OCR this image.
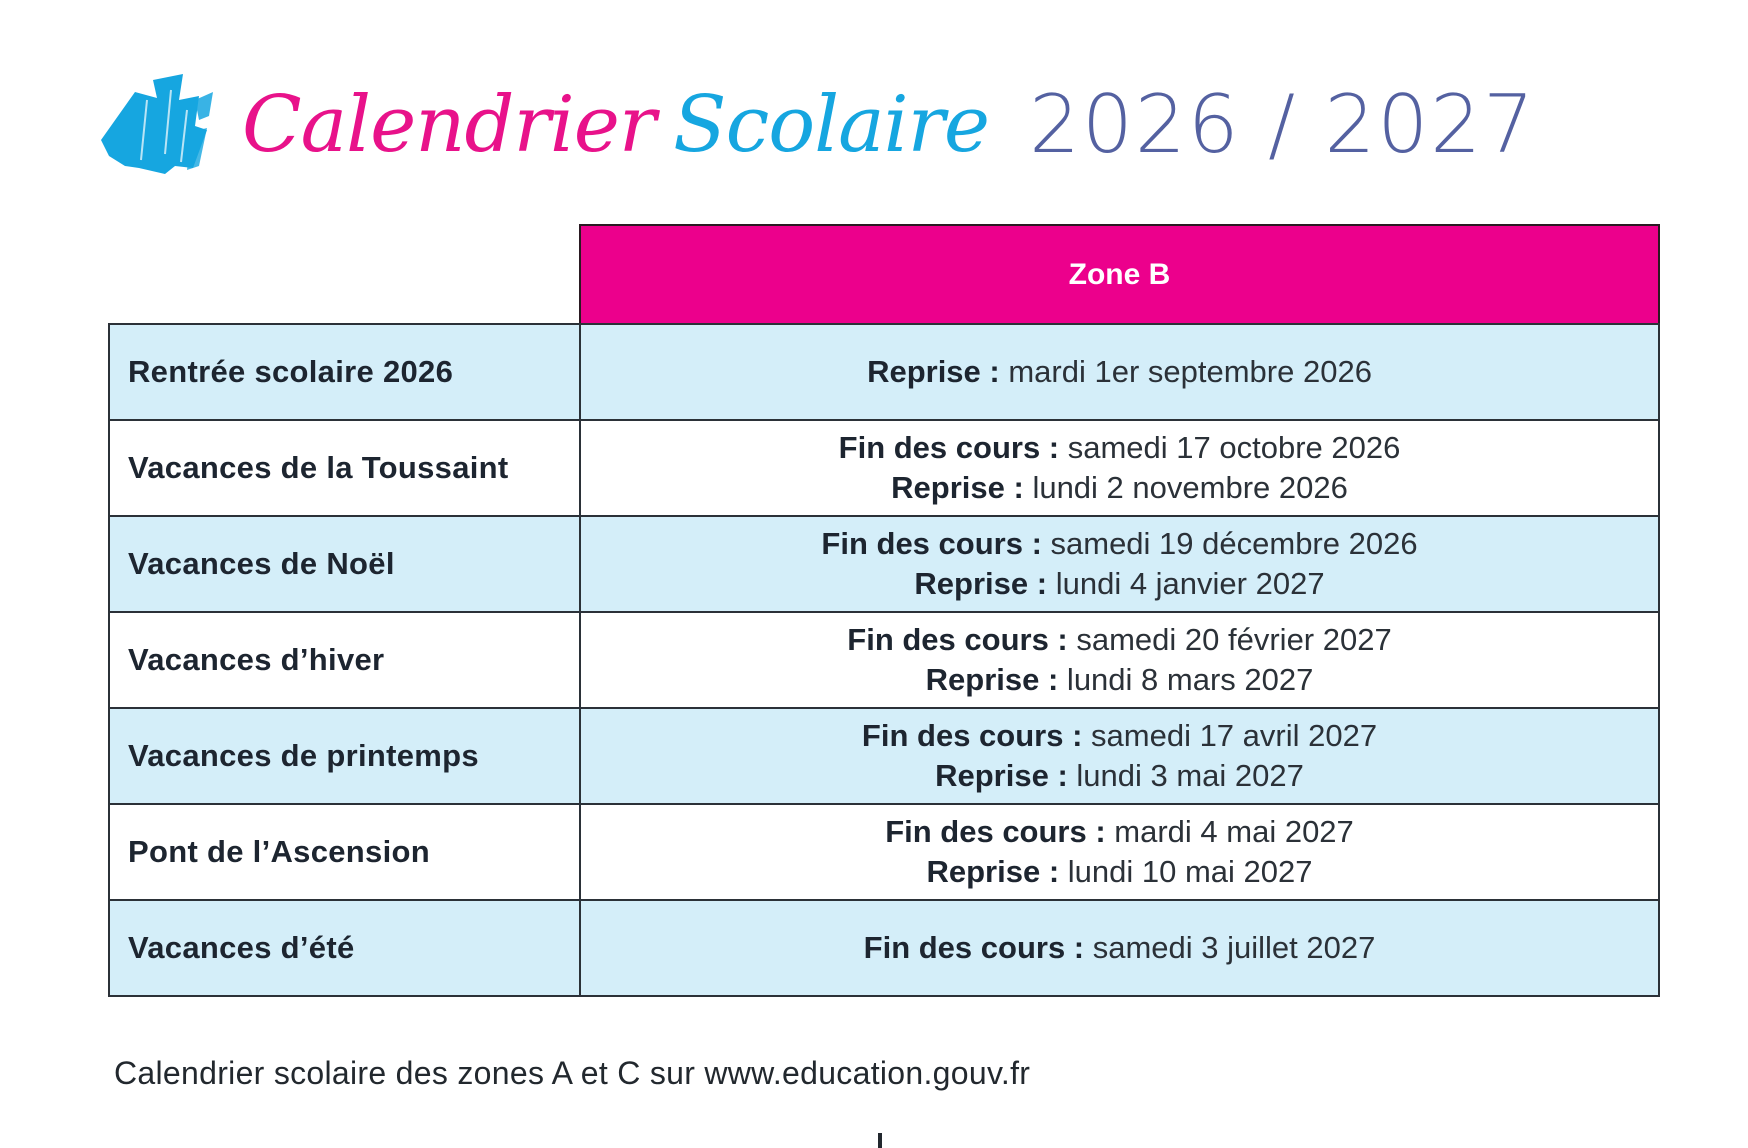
Calendrier Scolaire 2026 / 2027
Zone B
Rentrée scolaire 2026	Reprise : mardi 1er septembre 2026

Vacances de la Toussaint	Fin des cours : samedi 17 octobre 2026
Reprise : lundi 2 novembre 2026

Vacances de Noël	Fin des cours : samedi 19 décembre 2026
Reprise : lundi 4 janvier 2027

Vacances d’hiver	Fin des cours : samedi 20 février 2027
Reprise : lundi 8 mars 2027

Vacances de printemps	Fin des cours : samedi 17 avril 2027
Reprise : lundi 3 mai 2027

Pont de l’Ascension	Fin des cours : mardi 4 mai 2027
Reprise : lundi 10 mai 2027

Vacances d’été	Fin des cours : samedi 3 juillet 2027
Calendrier scolaire des zones A et C sur www.education.gouv.fr
